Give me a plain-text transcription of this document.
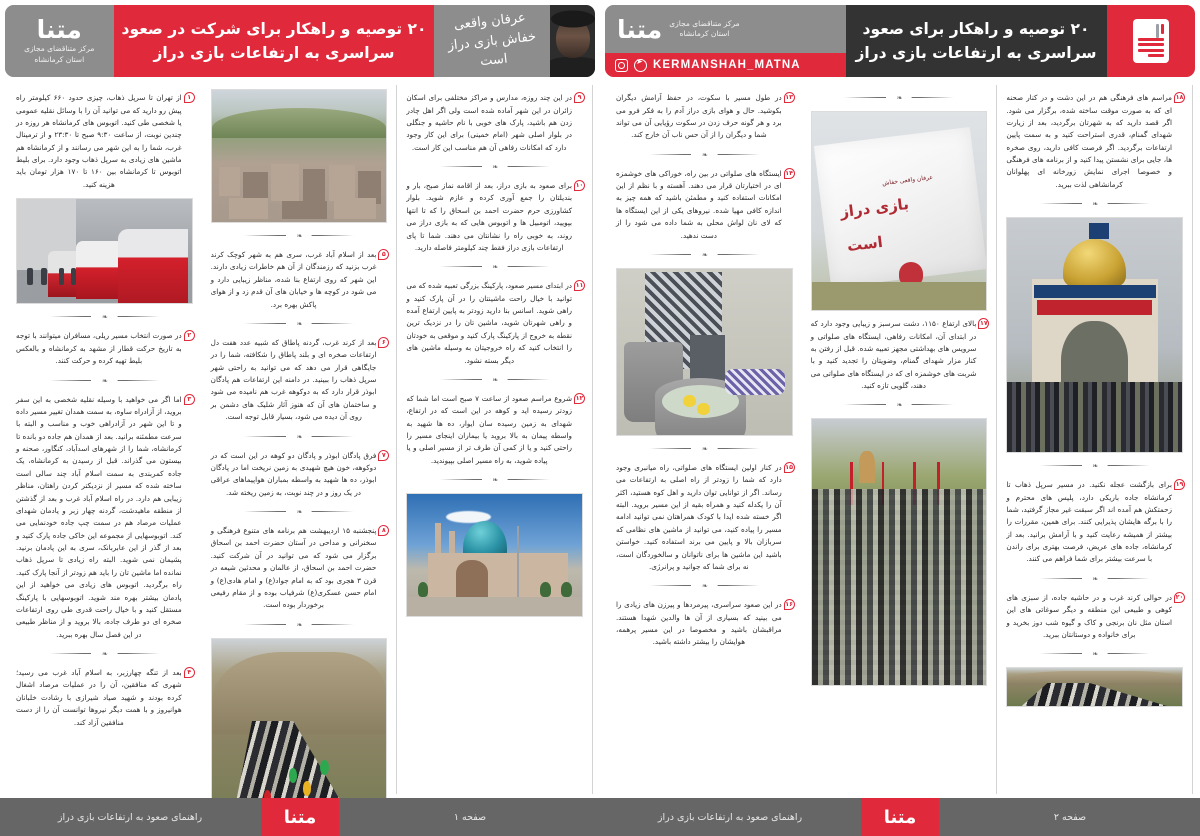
متنا مرکز متناقضای مجازی
استان کرمانشاه
➤
KERMANSHAH_MATNA
۲۰ توصیه و راهکار برای صعود
سراسری به ارتفاعات بازی دراز

۱۳
در طول مسیر با سکوت، در حفظ آرامش دیگران بکوشید. حال و هوای بازی دراز آدم را به فکر فرو می برد و هر گونه حرف زدن در سکوت رؤیایی آن می تواند شما و دیگران را از آن حس ناب آن خارج کند.

❧

۱۴
ایستگاه های صلواتی در بین راه، خوراکی های خوشمزه ای در اختیارتان قرار می دهند. آهسته و با نظم از این امکانات استفاده کنید و مطمئن باشید که همه چیز به اندازه کافی مهیا شده. نیروهای یکی از این ایستگاه ها که لای نان لواش محلی به شما داده می شود را از دست ندهید.

❧
❧

۱۵
در کنار اولین ایستگاه های صلواتی، راه میانبری وجود دارد که شما را زودتر از راه اصلی به ارتفاعات می رساند. اگر از توانایی توان دارید و اهل کوه هستید، اکثر آن را یکدله کنید و همراه بقیه از این مسیر بروید. البته اگر خسته شده ایدا با کودک همراهتان نمی توانید ادامه مسیر را پیاده کنید، می توانید از ماشین های نظامی که سربازان بالا و پایین می برند استفاده کنید. خواستن باشید این ماشین ها برای ناتوانان و سالخوردگان است، نه برای شما که جوانید و پرانرژی.

❧

۱۶
در این صعود سراسری، پیرمردها و پیرزن های زیادی را می بینید که بسیاری از آن ها والدین شهدا هستند. مراقبشان باشید و مخصوصا در این مسیر پرهمه، هوایشان را بیشتر داشته باشید.

❧
عرفان واقعی خفاش
بازی دراز
است

۱۷
بالای ارتفاع ۱۱۵۰، دشت سرسبز و زیبایی وجود دارد که در ابتدای آن، امکانات رفاهی، ایستگاه های صلواتی و سرویس های بهداشتی مجهز تعبیه شده. قبل از رفتن به کنار مزار شهدای گمنام، وضویتان را تجدید کنید و با شربت های خوشمزه ای که در ایستگاه های صلواتی می دهند، گلویی تازه کنید.

❧

۱۸
مراسم های فرهنگی هم در این دشت و در کنار صحنه ای که به صورت موقت ساخته شده، برگزار می شود. اگر قصد دارید که به شهرتان برگردید، بعد از زیارت شهدای گمنام، قدری استراحت کنید و به سمت پایین ارتفاعات برگردید. اگر فرصت کافی دارید، روی صخره ها، جایی برای نشستن پیدا کنید و از برنامه های فرهنگی و خصوصا اجرای نمایش زورخانه ای پهلوانان کرمانشاهی لذت ببرید.

❧
❧

۱۹
برای بازگشت عجله نکنید. در مسیر سرپل ذهاب تا کرمانشاه جاده باریکی دارد، پلیس های محترم و زحمتکش هم آمده اند اگر سبقت غیر مجاز گرفتید، شما را با برگه هایشان پذیرایی کنند. برای همین، مقررات را بیشتر از همیشه رعایت کنید و با آرامش برانید. بعد از کرمانشاه، جاده های عریض، فرصت بهتری برای راندن با سرعت بیشتر برای شما فراهم می کنند.

❧

۲۰
در حوالی کرند غرب و در حاشیه جاده، از سبزی های کوهی و طبیعی این منطقه و دیگر سوغاتی های این استان مثل نان برنجی و کاک و گیوه شب دوز بخرید و برای خانواده و دوستانتان ببرید.

❧
راهنمای صعود به ارتفاعات بازی دراز	متنا	صفحه ۲
متنا
مرکز متناقضای مجازی
استان کرمانشاه
۲۰ توصیه و راهکار برای شرکت در صعود
سراسری به ارتفاعات بازی دراز
عرفان واقعی
خفاش بازی دراز است

۱
از تهران تا سرپل ذهاب، چیزی حدود ۶۶۰ کیلومتر راه پیش رو دارید که می توانید آن را با وسائل نقلیه عمومی یا شخصی طی کنید. اتوبوس های کرمانشاه هر روزه در چندین نوبت، از ساعت ۹:۳۰ صبح تا ۲۳:۳۰ و از ترمینال غرب، شما را به این شهر می رسانند و از کرمانشاه هم ماشین های زیادی به سرپل ذهاب وجود دارد. برای بلیط اتوبوس تا کرمانشاه بین ۱۶۰ تا ۱۷۰ هزار تومان باید هزینه کنید.

❧

۲
در صورت انتخاب مسیر ریلی، مسافران میتوانند با توجه به تاریخ حرکت قطار از مشهد به کرمانشاه و بالعکس بلیط تهیه کرده و حرکت کنند.

❧

۳
اما اگر می خواهید با وسیله نقلیه شخصی به این سفر بروید، از آزادراه ساوه، به سمت همدان تغییر مسیر داده و تا این شهر در آزادراهی خوب و مناسب و البته با سرعت مطمئنه برانید. بعد از همدان هم جاده دو بانده تا کرمانشاه، شما را از شهرهای اسدآباد، کنگاور، صحنه و بیستون می گذراند. قبل از رسیدن به کرمانشاه، یک جاده کمربندی به سمت اسلام آباد چند سالی است ساخته شده که مسیر از نزدیکتر کردن راهتان، مناظر زیبایی هم دارد. در راه اسلام آباد غرب و بعد از گذشتن از منطقه ماهیدشت، گردنه چهار زبر و یادمان شهدای عملیات مرصاد هم در سمت چپ جاده خودنمایی می کند. اتوبوسهایی از مجموعه این خاکی جاده پارک کنید و بعد از گذر از این عابربانک، سری به این پادمان برنید. پشیمان نمی شوید. البته راه زیادی تا سرپل ذهاب نمانده اما ماشین تان را باید هم زودتر از آنجا پارک کنید. راه برگردید. اتوبوس های زیادی می خواهید از این پادمان بیشتر بهره مند شوید. اتوبوسهایی با پارکینگ مستقل کنید و با خیال راحت قدری طی روی ارتفاعات صخره ای دو طرف جاده، بالا بروید و از مناظر طبیعی در این فصل سال بهره ببرید.

❧

۴
بعد از تنگه چهارزبر، به اسلام آباد غرب می رسید؛ شهری که منافقین، آن را در عملیات مرصاد اشغال کرده بودند و شهید صیاد شیرازی با رشادت خلبانان هوانیروز و با همت دیگر نیروها توانست آن را از دست منافقین آزاد کند.

❧

۵
بعد از اسلام آباد غرب، سری هم به شهر کوچک کرند غرب بزنید که رزمندگان از آن هم خاطرات زیادی دارند. این شهر که روی ارتفاع بنا شده، مناظر زیبایی دارد و می شود در کوچه ها و خیابان های آن قدم زد و از هوای پاکش بهره برد.

❧

۶
بعد از کرند غرب، گردنه پاطاق که شبیه عدد هفت دل ارتفاعات صخره ای و بلند پاطاق را شکافته، شما را در جایگاهی قرار می دهد که می توانید به راحتی شهر سرپل ذهاب را ببینید. در دامنه این ارتفاعات هم پادگان ابوذر قرار دارد که به دوکوهه غرب هم نامیده می شود و ساختمان های آن که هنوز آثار شلیک های دشمن بر روی آن دیده می شود، بسیار قابل توجه است.

❧

۷
فرق پادگان ابوذر و پادگان دو کوهه در این است که در دوکوهه، خون هیچ شهیدی به زمین نریخت اما در پادگان ابوذر، ده ها شهید به واسطه بمباران هواپیماهای عراقی در یک روز و در چند نوبت، به زمین ریخته شد.

❧

۸
پنجشنبه ۱۵ اردیبهشت هم برنامه های متنوع فرهنگی و سخنرانی و مداحی در آستان حضرت احمد بن اسحاق برگزار می شود که می توانید در آن شرکت کنید. حضرت احمد بن اسحاق، از عالمان و محدثین شیعه در قرن ۳ هجری بود که به امام جواد(ع) و امام هادی(ع) و امام حسن عسکری(ع) شرفیاب بوده و از مقام رفیعی برخوردار بوده است.

❧

۹
در این چند روزه، مدارس و مراکز مختلفی برای اسکان زائران در این شهر آماده شده است ولی اگر اهل چادر زدن هم باشید، پارک های خوبی با نام حاشیه و جنگلی در بلوار اصلی شهر (امام خمینی) برای این کار وجود دارد که امکانات رفاهی آن هم مناسب این کار است.

❧

۱۰
برای صعود به بازی دراز، بعد از اقامه نماز صبح، بار و بندیلتان را جمع آوری کرده و عازم شوید. بلوار کشاورزی حرم حضرت احمد بن اسحاق را که تا انتها بپویید، اتومبیل ها و اتوبوس هایی که به بازی دراز می روند، به خوبی راه را نشانتان می دهند. شما تا پای ارتفاعات بازی دراز فقط چند کیلومتر فاصله دارید.

❧

۱۱
در ابتدای مسیر صعود، پارکینگ بزرگی تعبیه شده که می توانید با خیال راحت ماشینتان را در آن پارک کنید و راهی شوید. اسانس بنا دارید زودتر به پایین ارتفاع آمده و راهی شهرتان شوید، ماشین تان را در نزدیک ترین نقطه به خروج از پارکینگ پارک کنید و موقعی به خودتان را انتخاب کنید که راه خروجیتان به وسیله ماشین های دیگر بسته نشود.

❧

۱۲
شروع مراسم صعود از ساعت ۷ صبح است اما شما که زودتر رسیده اید و کوهه در این است که در ارتفاع، شهدای به زمین رسیده سان ایوار، ده ها شهید به واسطه پیمان به بالا بروید یا بیماران اینجای مسیر را راحتی کنید و یا از کمی آن طرف تر از مسیر اصلی و یا پیاده شوید، به راه مسیر اصلی بپیوندید.

❧
راهنمای صعود به ارتفاعات بازی دراز	متنا	صفحه ۱
